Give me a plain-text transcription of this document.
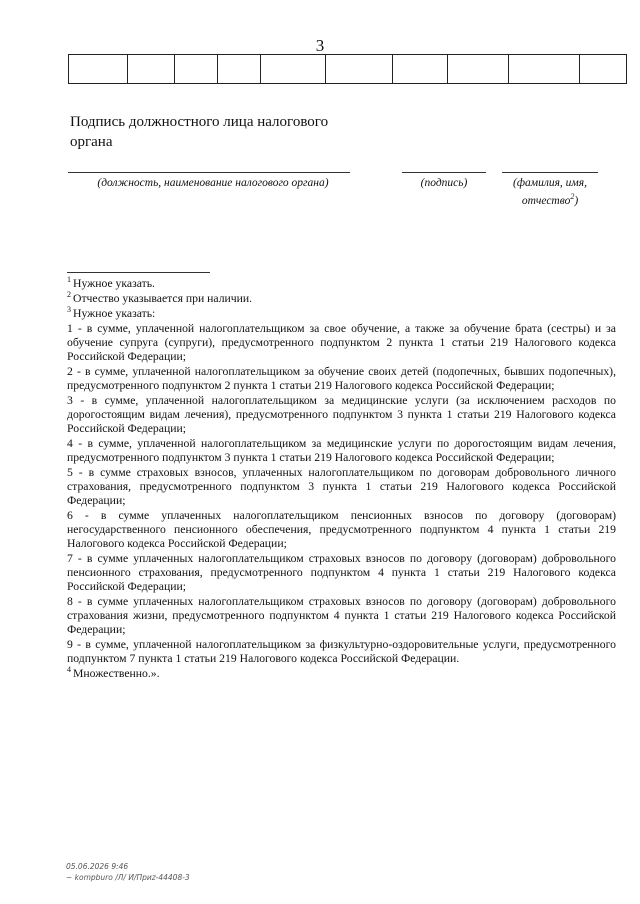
3

Подпись должностного лица налогового органа
(должность, наименование налогового органа)	(подпись)	(фамилия, имя,
отчество$^2$)

$^1$ Нужное указать.

$^2$ Отчество указывается при наличии.

$^3$ Нужное указать:

1 - в сумме, уплаченной налогоплательщиком за свое обучение, а также за обучение брата (сестры) и за обучение супруга (супруги), предусмотренного подпунктом 2 пункта 1 статьи 219 Налогового кодекса Российской Федерации;

2 - в сумме, уплаченной налогоплательщиком за обучение своих детей (подопечных, бывших подопечных), предусмотренного подпунктом 2 пункта 1 статьи 219 Налогового кодекса Российской Федерации;

3 - в сумме, уплаченной налогоплательщиком за медицинские услуги (за исключением расходов по дорогостоящим видам лечения), предусмотренного подпунктом 3 пункта 1 статьи 219 Налогового кодекса Российской Федерации;

4 - в сумме, уплаченной налогоплательщиком за медицинские услуги по дорогостоящим видам лечения, предусмотренного подпунктом 3 пункта 1 статьи 219 Налогового кодекса Российской Федерации;

5 - в сумме страховых взносов, уплаченных налогоплательщиком по договорам добровольного личного страхования, предусмотренного подпунктом 3 пункта 1 статьи 219 Налогового кодекса Российской Федерации;

6 - в сумме уплаченных налогоплательщиком пенсионных взносов по договору (договорам) негосударственного пенсионного обеспечения, предусмотренного подпунктом 4 пункта 1 статьи 219 Налогового кодекса Российской Федерации;

7 - в сумме уплаченных налогоплательщиком страховых взносов по договору (договорам) добровольного пенсионного страхования, предусмотренного подпунктом 4 пункта 1 статьи 219 Налогового кодекса Российской Федерации;

8 - в сумме уплаченных налогоплательщиком страховых взносов по договору (договорам) добровольного страхования жизни, предусмотренного подпунктом 4 пункта 1 статьи 219 Налогового кодекса Российской Федерации;

9 - в сумме, уплаченной налогоплательщиком за физкультурно-оздоровительные услуги, предусмотренного подпунктом 7 пункта 1 статьи 219 Налогового кодекса Российской Федерации.

$^4$ Множественно.».

05.06.2026 9:46
~ kompburo /Л/ И/Приz-44408-3
